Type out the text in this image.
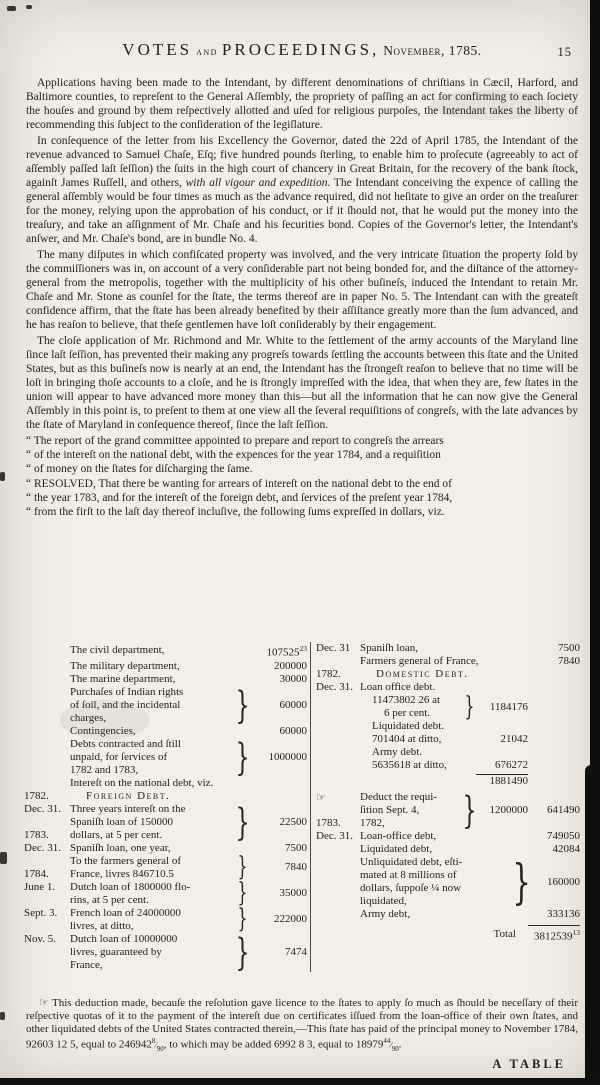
VOTES and PROCEEDINGS, November, 1785.	15

Applications having been made to the Intendant, by different denominations of chriſtians in Cæcil, Harford, and Baltimore counties, to repreſent to the General Aſſembly, the propriety of paſſing an act for confirming to each ſociety the houſes and ground by them reſpectively allotted and uſed for religious purpoſes, the Intendant takes the liberty of recommending this ſubject to the conſideration of the legiſlature.

In conſequence of the letter from his Excellency the Governor, dated the 22d of April 1785, the Intendant of the revenue advanced to Samuel Chaſe, Eſq; five hundred pounds ſterling, to enable him to proſecute (agreeably to act of aſſembly paſſed laſt ſeſſion) the ſuits in the high court of chancery in Great Britain, for the recovery of the bank ſtock, againſt James Ruſſell, and others, with all vigour and expedition. The Intendant conceiving the expence of calling the general aſſembly would be four times as much as the advance required, did not heſitate to give an order on the treaſurer for the money, relying upon the approbation of his conduct, or if it ſhould not, that he would put the money into the treaſury, and take an aſſignment of Mr. Chaſe and his ſecurities bond. Copies of the Governor's letter, the Intendant's anſwer, and Mr. Chaſe's bond, are in bundle No. 4.

The many diſputes in which confiſcated property was involved, and the very intricate ſituation the property ſold by the commiſſioners was in, on account of a very conſiderable part not being bonded for, and the diſtance of the attorney-general from the metropolis, together with the multiplicity of his other buſineſs, induced the Intendant to retain Mr. Chaſe and Mr. Stone as counſel for the ſtate, the terms thereof are in paper No. 5. The Intendant can with the greateſt confidence affirm, that the ſtate has been already benefited by their aſſiſtance greatly more than the ſum advanced, and he has reaſon to believe, that theſe gentlemen have loſt conſiderably by their engagement.

The cloſe application of Mr. Richmond and Mr. White to the ſettlement of the army accounts of the Maryland line ſince laſt ſeſſion, has prevented their making any progreſs towards ſettling the accounts between this ſtate and the United States, but as this buſineſs now is nearly at an end, the Intendant has the ſtrongeſt reaſon to believe that no time will be loſt in bringing thoſe accounts to a cloſe, and he is ſtrongly impreſſed with the idea, that when they are, few ſtates in the union will appear to have advanced more money than this—but all the information that he can now give the General Aſſembly in this point is, to preſent to them at one view all the ſeveral requiſitions of congreſs, with the late advances by the ſtate of Maryland in conſequence thereof, ſince the laſt ſeſſion.

“ The report of the grand committee appointed to prepare and report to congreſs the arrears
“ of the intereſt on the national debt, with the expences for the year 1784, and a requiſition
“ of money on the ſtates for diſcharging the ſame.
“ RESOLVED, That there be wanting for arrears of intereſt on the national debt to the end of
“ the year 1783, and for the intereſt of the foreign debt, and ſervices of the preſent year 1784,
“ from the firſt to the laſt day thereof incluſive, the following ſums expreſſed in dollars, viz.
The civil department,	107525$^{23}$
The military department,	200000
The marine department,	30000
Purchaſes of Indian rights
of ſoil, and the incidental
charges,	}	60000
Contingencies,	60000
Debts contracted and ſtill
unpaid, for ſervices of
1782 and 1783,	}	1000000
Intereſt on the national debt, viz.
1782.	Foreign Debt.
Dec. 31. Three years intereſt on the
Spaniſh loan of 150000
1783.	dollars, at 5 per cent.	}	22500
Dec. 31. Spaniſh loan, one year,	7500
To the farmers general of
1784.	France, livres 846710.5	}	7840
June 1.	Dutch loan of 1800000 flo-
rins, at 5 per cent.	}	35000
Sept. 3.	French loan of 24000000
livres, at ditto,	}	222000
Nov. 5.	Dutch loan of 10000000
livres, guaranteed by
France,	}	7474
Dec. 31 Spaniſh loan,	7500
Farmers general of France,	7840
1782.	Domestic Debt.
Dec. 31. Loan office debt.
11473802 26 at
6 per cent.	}	1184176
Liquidated debt.
701404 at ditto,	21042
Army debt.
5635618 at ditto,	676272
1881490
☞	Deduct the requi-
ſition Sept. 4,
1783.	1782,	}	1200000	641490
Dec. 31. Loan-office debt,	749050
Liquidated debt,	42084
Unliquidated debt, eſti-
mated at 8 millions of
dollars, ſuppoſe ¼ now
liquidated,	}	160000
Army debt,	333136
Total	3812539$^{13}$

☞ This deduction made, becauſe the reſolution gave licence to the ſtates to apply ſo much as ſhould be neceſſary of their reſpective quotas of it to the payment of the intereſt due on certificates iſſued from the loan-office of their own ſtates, and other liquidated debts of the United States contracted therein,—This ſtate has paid of the principal money to November 1784, 92603 12 5, equal to $246942^8⁄_{90}$, to which may be added 6992 8 3, equal to $18979^{44}⁄_{90}$.

A TABLE
